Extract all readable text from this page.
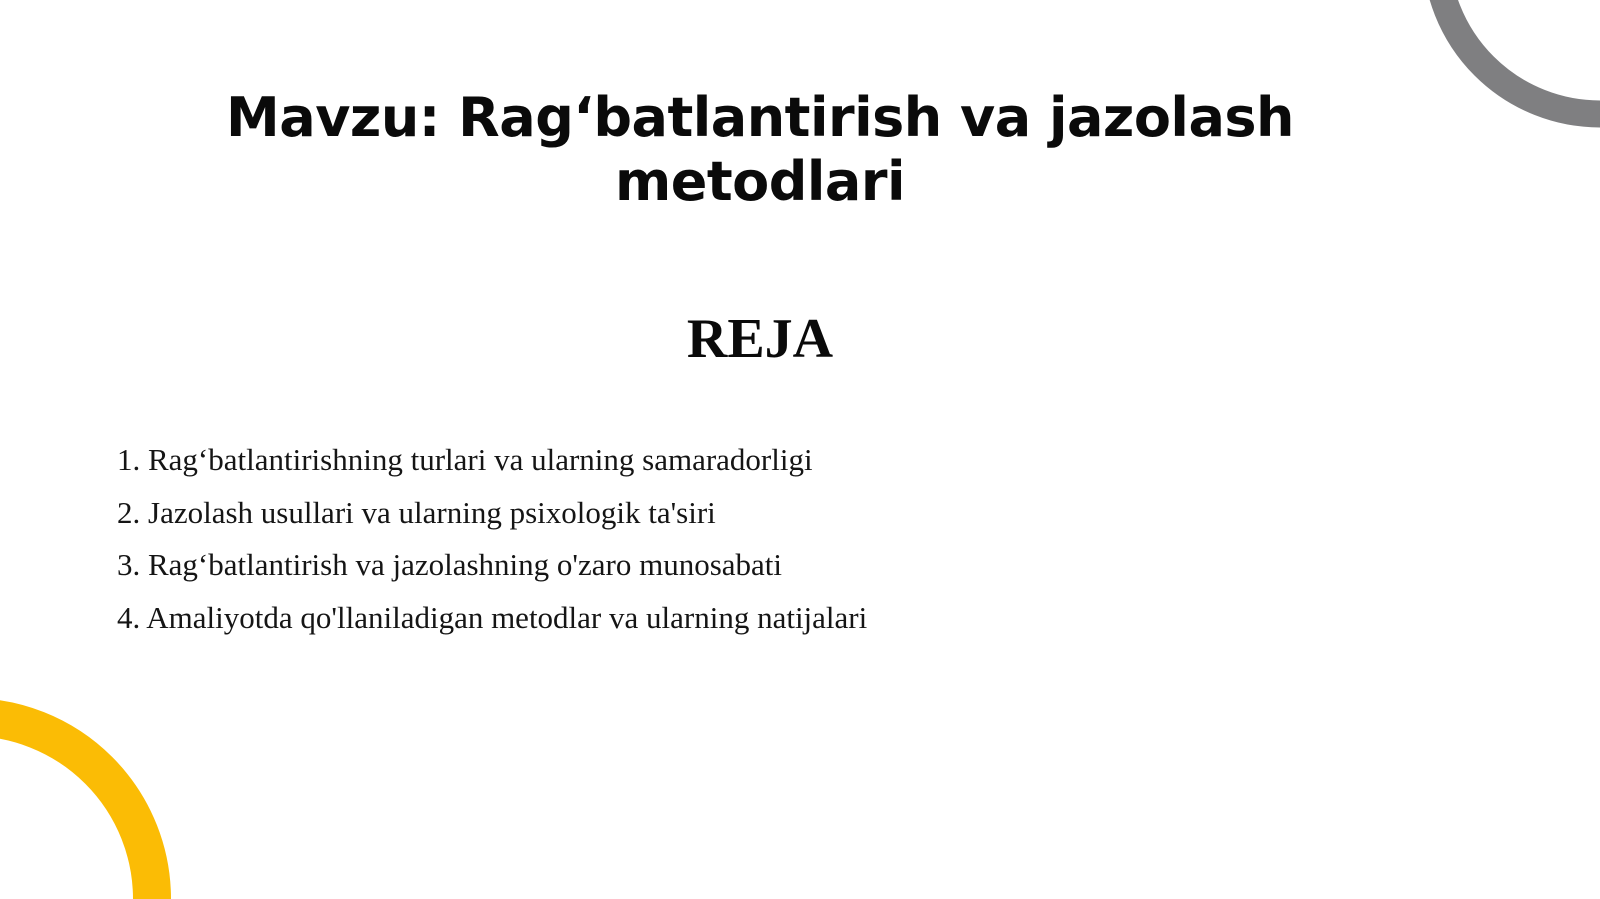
Mavzu: Rag‘batlantirish va jazolash metodlari
REJA
1. Rag‘batlantirishning turlari va ularning samaradorligi
2. Jazolash usullari va ularning psixologik ta'siri
3. Rag‘batlantirish va jazolashning o'zaro munosabati
4. Amaliyotda qo'llaniladigan metodlar va ularning natijalari
